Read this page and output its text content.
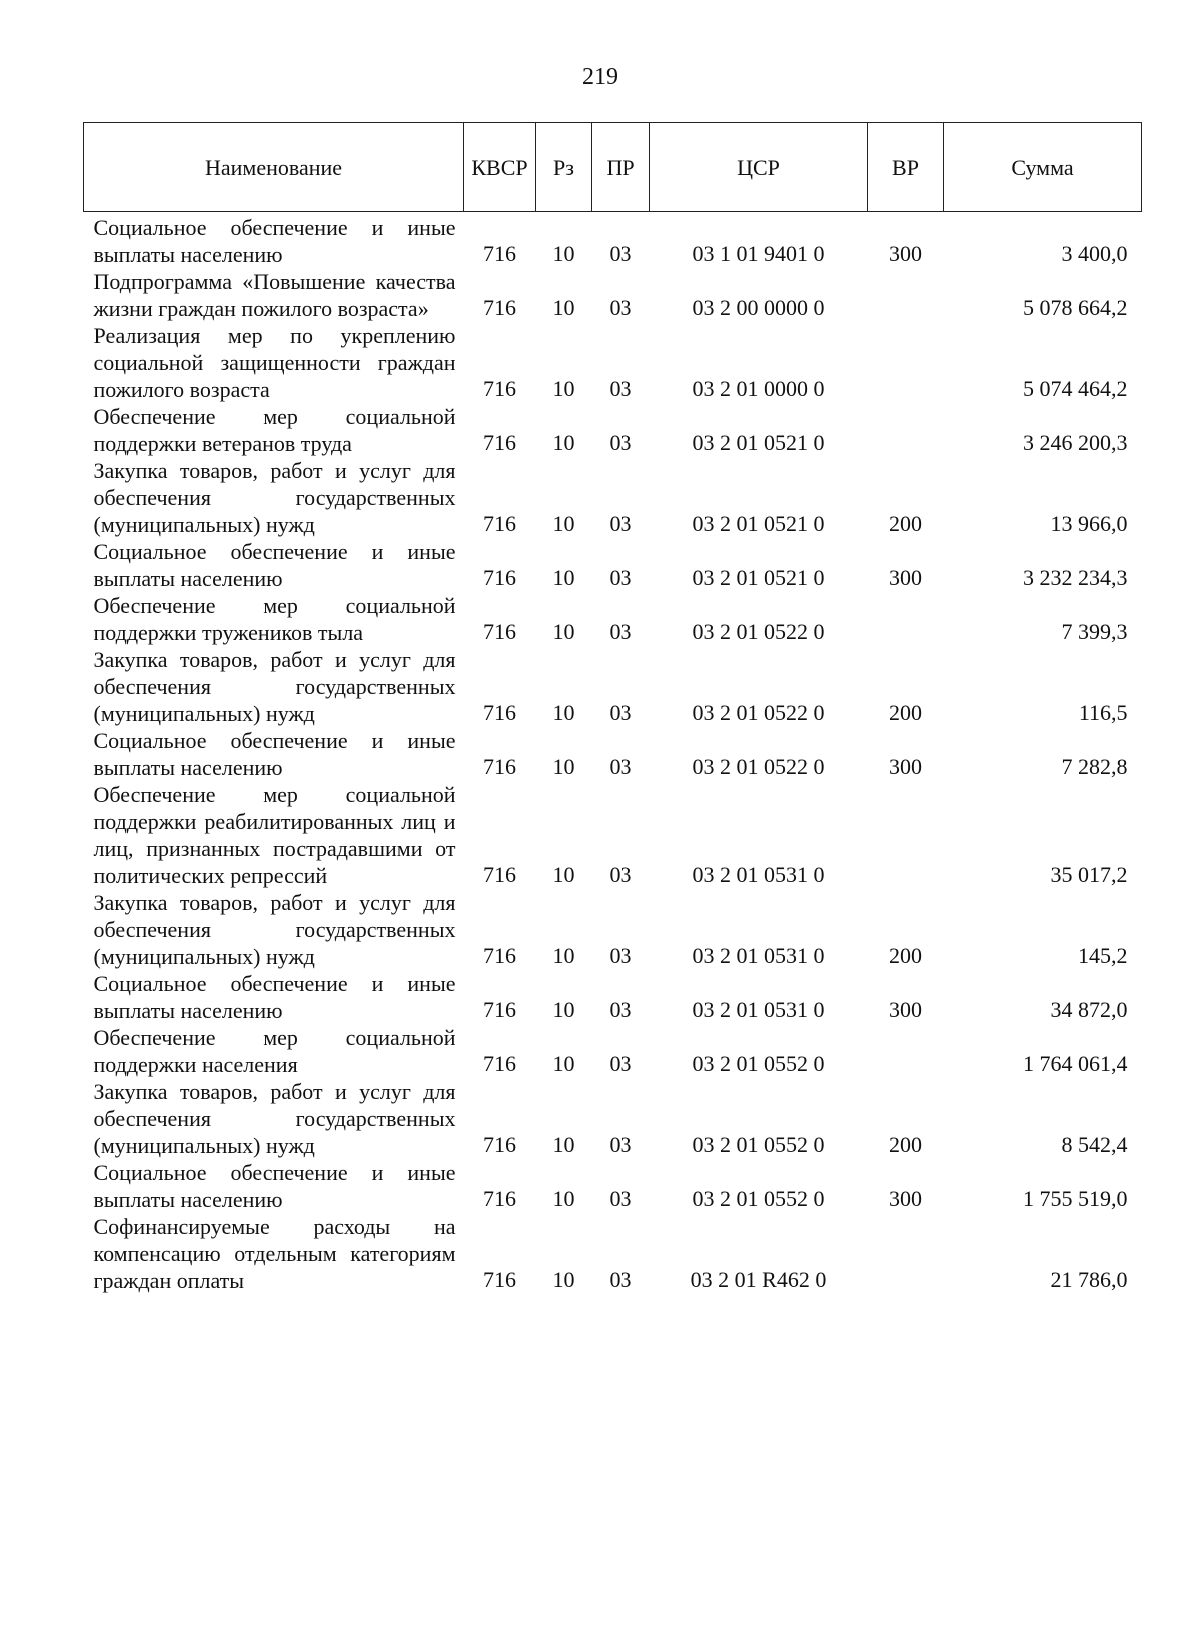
219
Наименование	КВСР	Рз	ПР	ЦСР	ВР	Сумма
Социальное обеспечение и иные выплаты населению	716	10	03	03 1 01 9401 0	300	3 400,0
Подпрограмма «Повышение качества жизни граждан пожилого возраста»	716	10	03	03 2 00 0000 0		5 078 664,2
Реализация мер по укреплению социальной защищенности граждан пожилого возраста	716	10	03	03 2 01 0000 0		5 074 464,2
Обеспечение мер социальной поддержки ветеранов труда	716	10	03	03 2 01 0521 0		3 246 200,3
Закупка товаров, работ и услуг для обеспечения государственных (муниципальных) нужд	716	10	03	03 2 01 0521 0	200	13 966,0
Социальное обеспечение и иные выплаты населению	716	10	03	03 2 01 0521 0	300	3 232 234,3
Обеспечение мер социальной поддержки тружеников тыла	716	10	03	03 2 01 0522 0		7 399,3
Закупка товаров, работ и услуг для обеспечения государственных (муниципальных) нужд	716	10	03	03 2 01 0522 0	200	116,5
Социальное обеспечение и иные выплаты населению	716	10	03	03 2 01 0522 0	300	7 282,8
Обеспечение мер социальной поддержки реабилитированных лиц и лиц, признанных пострадавшими от политических репрессий	716	10	03	03 2 01 0531 0		35 017,2
Закупка товаров, работ и услуг для обеспечения государственных (муниципальных) нужд	716	10	03	03 2 01 0531 0	200	145,2
Социальное обеспечение и иные выплаты населению	716	10	03	03 2 01 0531 0	300	34 872,0
Обеспечение мер социальной поддержки населения	716	10	03	03 2 01 0552 0		1 764 061,4
Закупка товаров, работ и услуг для обеспечения государственных (муниципальных) нужд	716	10	03	03 2 01 0552 0	200	8 542,4
Социальное обеспечение и иные выплаты населению	716	10	03	03 2 01 0552 0	300	1 755 519,0
Софинансируемые расходы на компенсацию отдельным категориям граждан оплаты	716	10	03	03 2 01 R462 0		21 786,0
